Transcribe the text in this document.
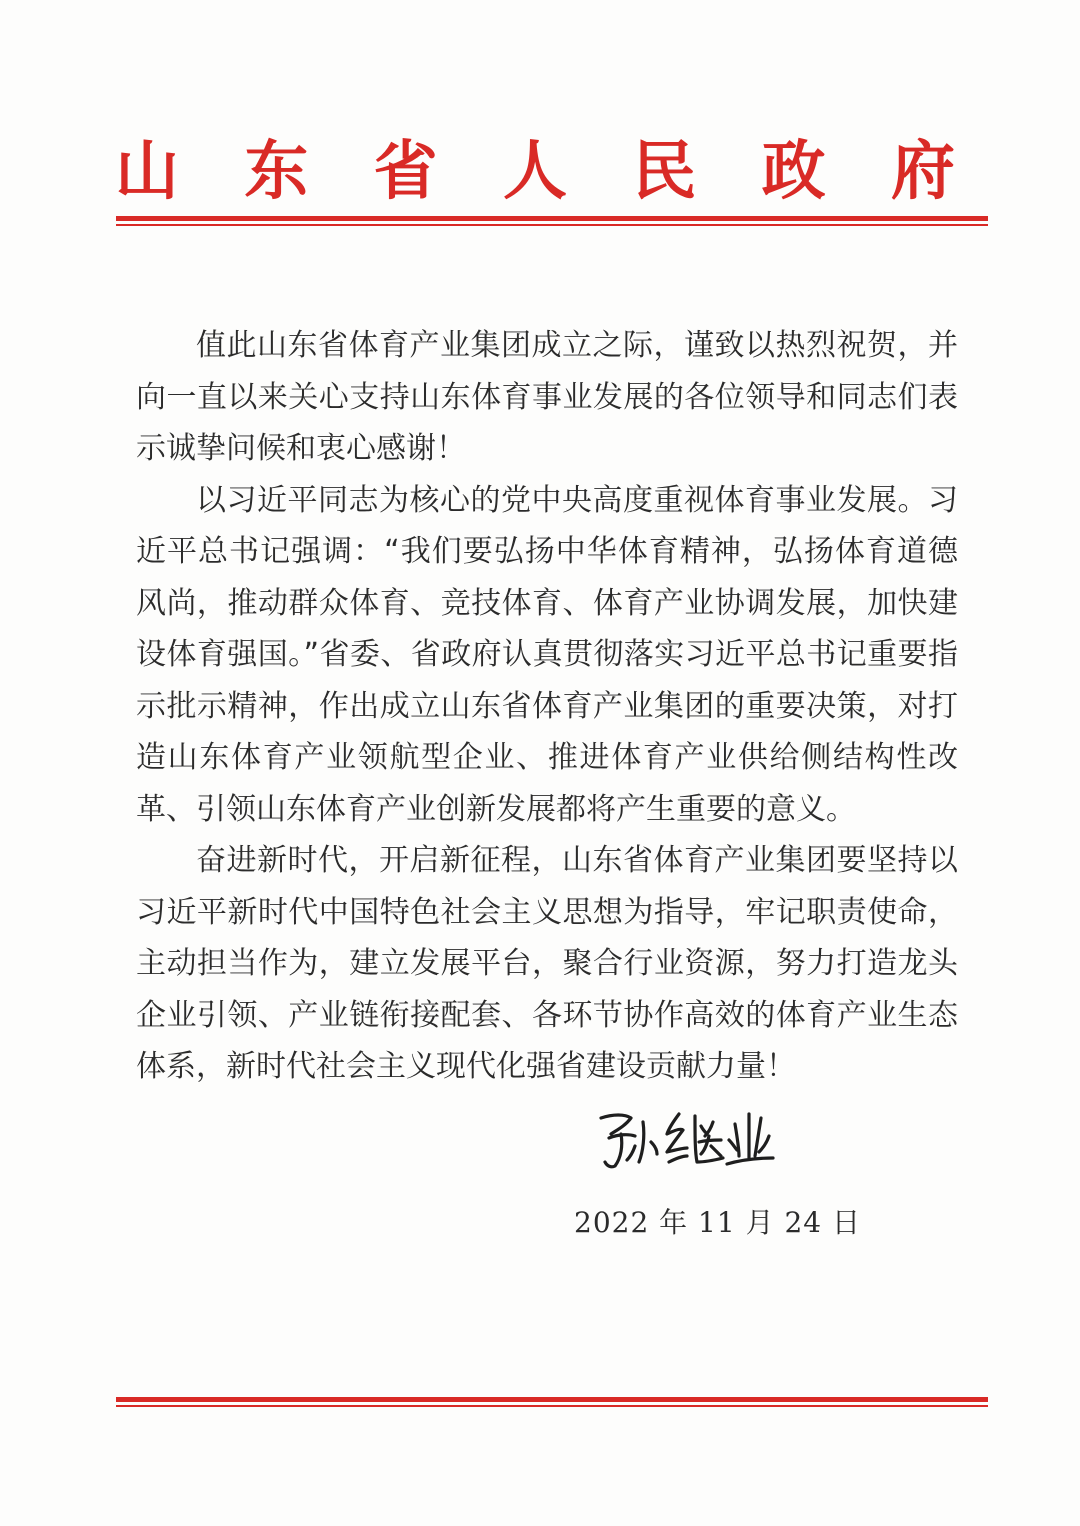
山 东 省 人 民 政 府

值此山东省体育产业集团成立之际，谨致以热烈祝贺，并向一直以来关心支持山东体育事业发展的各位领导和同志们表示诚挚问候和衷心感谢！

以习近平同志为核心的党中央高度重视体育事业发展。习近平总书记强调：“我们要弘扬中华体育精神，弘扬体育道德风尚，推动群众体育、竞技体育、体育产业协调发展，加快建设体育强国。”省委、省政府认真贯彻落实习近平总书记重要指示批示精神，作出成立山东省体育产业集团的重要决策，对打造山东体育产业领航型企业、推进体育产业供给侧结构性改革、引领山东体育产业创新发展都将产生重要的意义。

奋进新时代，开启新征程，山东省体育产业集团要坚持以习近平新时代中国特色社会主义思想为指导，牢记职责使命，主动担当作为，建立发展平台，聚合行业资源，努力打造龙头企业引领、产业链衔接配套、各环节协作高效的体育产业生态体系，新时代社会主义现代化强省建设贡献力量！

2022 年 11 月 24 日
